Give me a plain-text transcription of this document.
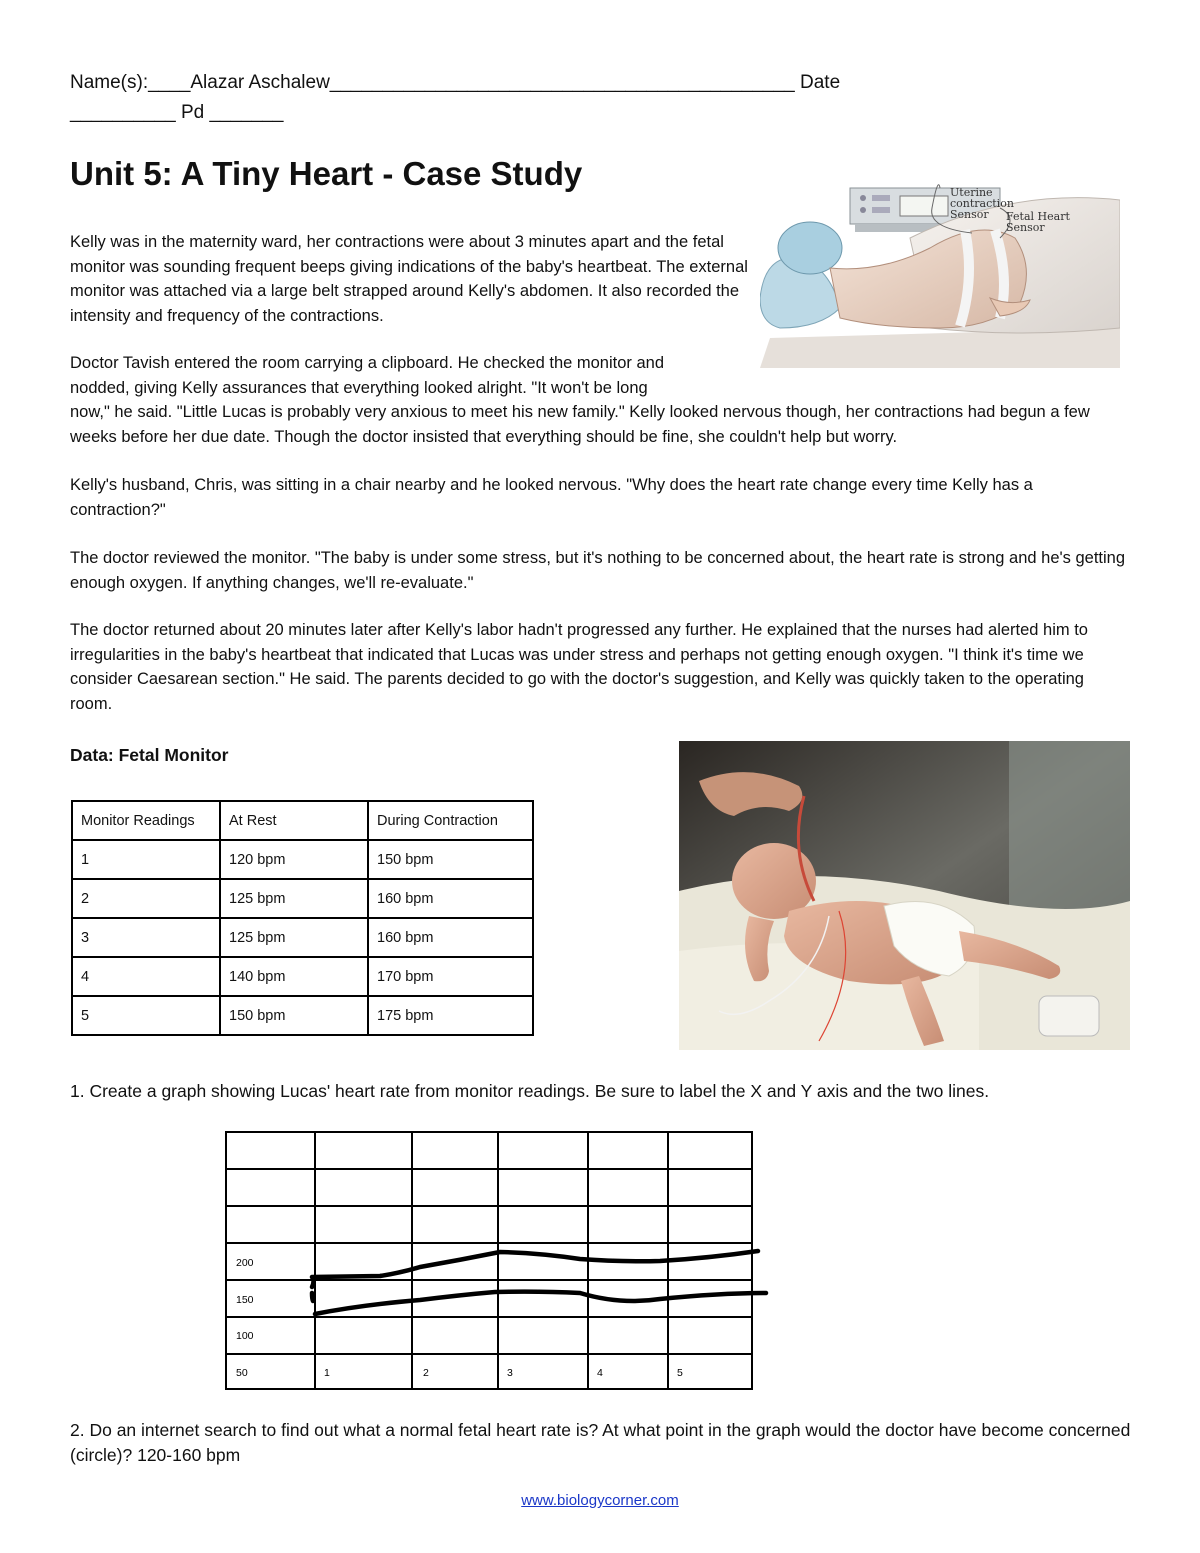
Name(s):____Alazar Aschalew____________________________________________ Date
__________ Pd _______
Unit 5: A Tiny Heart - Case Study
Uterine
contraction
Sensor Fetal Heart
Sensor
Kelly was in the maternity ward, her contractions were about 3 minutes apart and the fetal monitor was sounding frequent beeps giving indications of the baby's heartbeat. The external monitor was attached via a large belt strapped around Kelly's abdomen. It also recorded the intensity and frequency of the contractions.
Doctor Tavish entered the room carrying a clipboard. He checked the monitor and nodded, giving Kelly assurances that everything looked alright. "It won't be long
now," he said. "Little Lucas is probably very anxious to meet his new family." Kelly looked nervous though, her contractions had begun a few weeks before her due date. Though the doctor insisted that everything should be fine, she couldn't help but worry.
Kelly's husband, Chris, was sitting in a chair nearby and he looked nervous. "Why does the heart rate change every time Kelly has a contraction?"
The doctor reviewed the monitor. "The baby is under some stress, but it's nothing to be concerned about, the heart rate is strong and he's getting enough oxygen. If anything changes, we'll re-evaluate."
The doctor returned about 20 minutes later after Kelly's labor hadn't progressed any further. He explained that the nurses had alerted him to irregularities in the baby's heartbeat that indicated that Lucas was under stress and perhaps not getting enough oxygen. "I think it's time we consider Caesarean section." He said. The parents decided to go with the doctor's suggestion, and Kelly was quickly taken to the operating room.
Data: Fetal Monitor
Monitor Readings	At Rest	During Contraction
1	120 bpm	150 bpm
2	125 bpm	160 bpm
3	125 bpm	160 bpm
4	140 bpm	170 bpm
5	150 bpm	175 bpm
1. Create a graph showing Lucas' heart rate from monitor readings. Be sure to label the X and Y axis and the two lines.
200
150
100
50	1	2	3	4	5
2. Do an internet search to find out what a normal fetal heart rate is? At what point in the graph would the doctor have become concerned (circle)? 120-160 bpm
www.biologycorner.com
